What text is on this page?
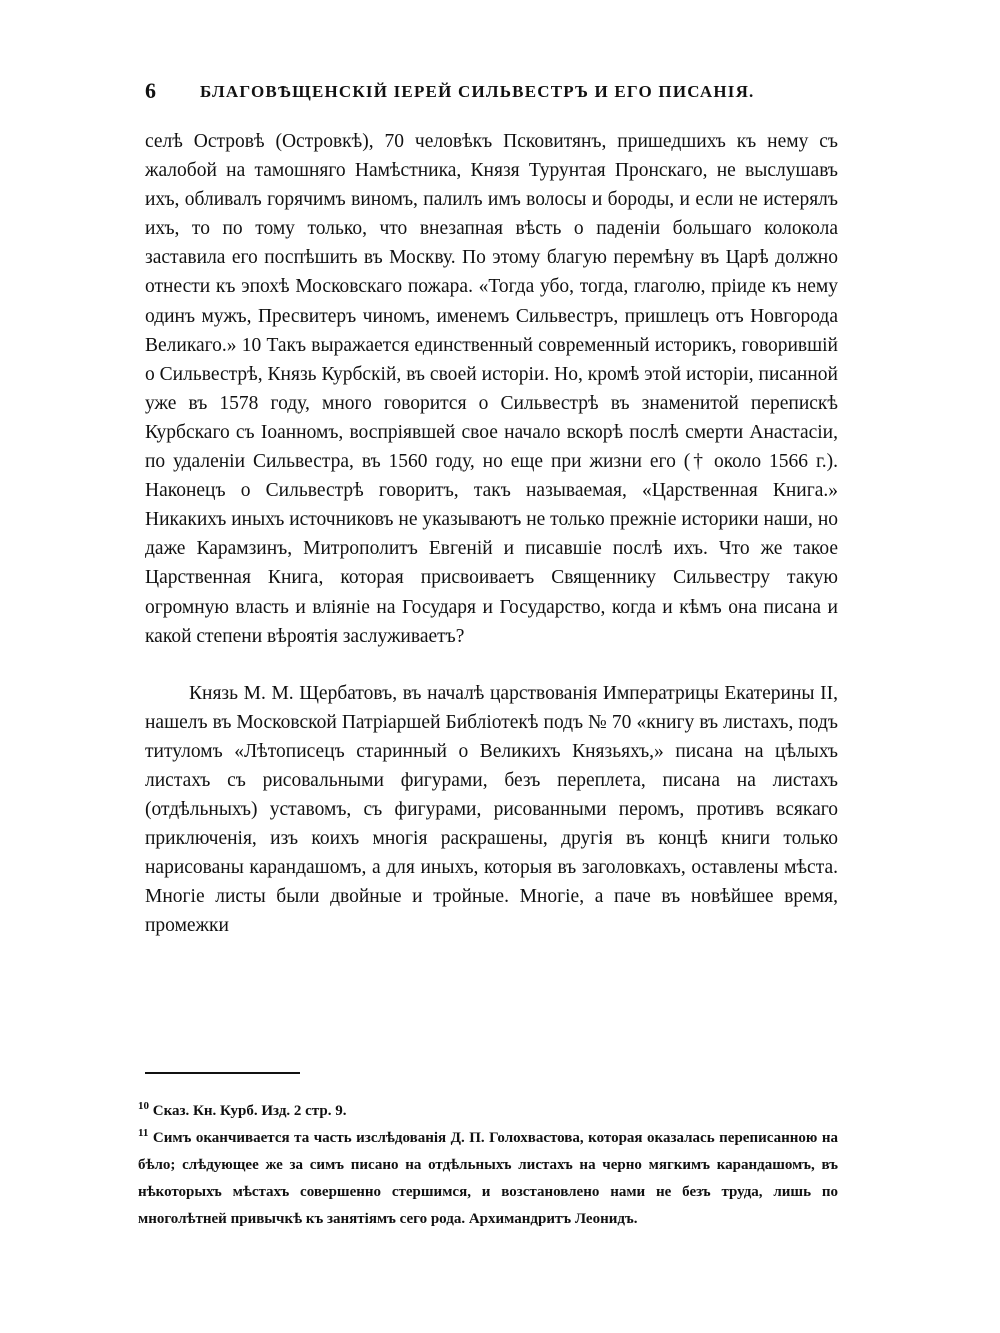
6	БЛАГОВѢЩЕНСКІЙ ІЕРЕЙ СИЛЬВЕСТРЪ И ЕГО ПИСАНІЯ.

селѣ Островѣ (Островкѣ), 70 человѣкъ Псковитянъ, пришедшихъ къ нему съ жалобой на тамошняго Намѣстника, Князя Турунтая Пронскаго, не выслушавъ ихъ, обливалъ горячимъ виномъ, палилъ имъ волосы и бороды, и если не истерялъ ихъ, то по тому только, что внезапная вѣсть о паденіи большаго колокола заставила его поспѣшить въ Москву. По этому благую перемѣну въ Царѣ должно отнести къ эпохѣ Московскаго пожара. «Тогда убо, тогда, глаголю, пріиде къ нему одинъ мужъ, Пресвитеръ чиномъ, именемъ Сильвестръ, пришлецъ отъ Новгорода Великаго.» 10 Такъ выражается единственный современный историкъ, говорившій о Сильвестрѣ, Князь Курбскій, въ своей исторіи. Но, кромѣ этой исторіи, писанной уже въ 1578 году, много говорится о Сильвестрѣ въ знаменитой перепискѣ Курбскаго съ Іоанномъ, воспріявшей свое начало вскорѣ послѣ смерти Анастасіи, по удаленіи Сильвестра, въ 1560 году, но еще при жизни его († около 1566 г.). Наконецъ о Сильвестрѣ говоритъ, такъ называемая, «Царственная Книга.» Никакихъ иныхъ источниковъ не указываютъ не только прежніе историки наши, но даже Карамзинъ, Митрополитъ Евгеній и писавшіе послѣ ихъ. Что же такое Царственная Книга, которая присвоиваетъ Священнику Сильвестру такую огромную власть и вліяніе на Государя и Государство, когда и кѣмъ она писана и какой степени вѣроятія заслуживаетъ?

Князь М. М. Щербатовъ, въ началѣ царствованія Императрицы Екатерины II, нашелъ въ Московской Патріаршей Библіотекѣ подъ № 70 «книгу въ листахъ, подъ титуломъ «Лѣтописецъ старинный о Великихъ Князьяхъ,» писана на цѣлыхъ листахъ съ рисовальными фигурами, безъ переплета, писана на листахъ (отдѣльныхъ) уставомъ, съ фигурами, рисованными перомъ, противъ всякаго приключенія, изъ коихъ многія раскрашены, другія въ концѣ книги только нарисованы карандашомъ, а для иныхъ, которыя въ заголовкахъ, оставлены мѣста. Многіе листы были двойные и тройные. Многіе, а паче въ новѣйшее время, промежки

$^{10}$ Сказ. Кн. Курб. Изд. 2 стр. 9.

$^{11}$ Симъ оканчивается та часть изслѣдованія Д. П. Голохвастова, которая оказалась переписанною на бѣло; слѣдующее же за симъ писано на отдѣльныхъ листахъ на черно мягкимъ карандашомъ, въ нѣкоторыхъ мѣстахъ совершенно стершимся, и возстановлено нами не безъ труда, лишь по многолѣтней привычкѣ къ занятіямъ сего рода. Архимандритъ Леонидъ.
